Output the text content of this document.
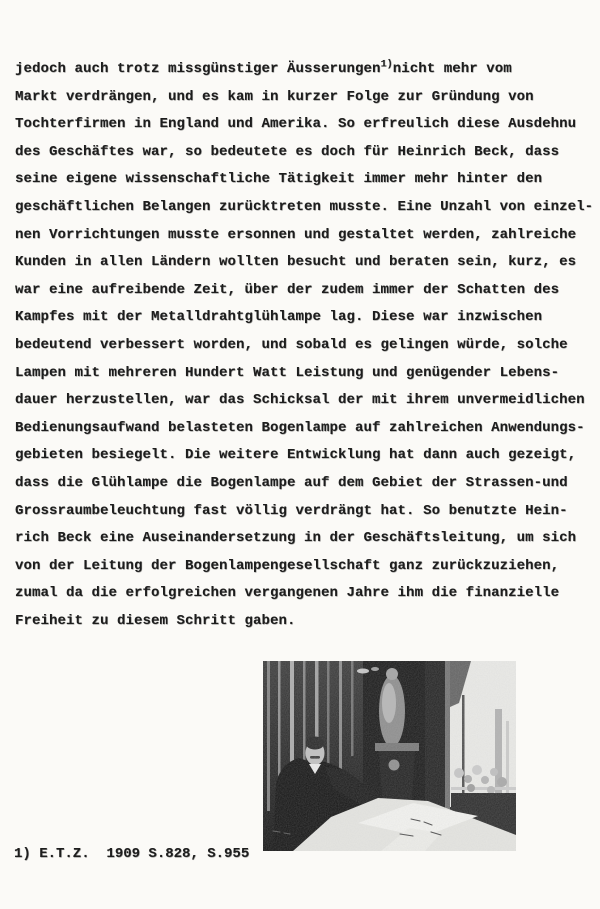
jedoch auch trotz missgünstiger Äusserungen$^{1)}$nicht mehr vom
Markt verdrängen, und es kam in kurzer Folge zur Gründung von
Tochterfirmen in England und Amerika. So erfreulich diese Ausdehnu
des Geschäftes war, so bedeutete es doch für Heinrich Beck, dass
seine eigene wissenschaftliche Tätigkeit immer mehr hinter den
geschäftlichen Belangen zurücktreten musste. Eine Unzahl von einzel-
nen Vorrichtungen musste ersonnen und gestaltet werden, zahlreiche
Kunden in allen Ländern wollten besucht und beraten sein, kurz, es
war eine aufreibende Zeit, über der zudem immer der Schatten des
Kampfes mit der Metalldrahtglühlampe lag. Diese war inzwischen
bedeutend verbessert worden, und sobald es gelingen würde, solche
Lampen mit mehreren Hundert Watt Leistung und genügender Lebens-
dauer herzustellen, war das Schicksal der mit ihrem unvermeidlichen
Bedienungsaufwand belasteten Bogenlampe auf zahlreichen Anwendungs-
gebieten besiegelt. Die weitere Entwicklung hat dann auch gezeigt,
dass die Glühlampe die Bogenlampe auf dem Gebiet der Strassen-und
Grossraumbeleuchtung fast völlig verdrängt hat. So benutzte Hein-
rich Beck eine Auseinandersetzung in der Geschäftsleitung, um sich
von der Leitung der Bogenlampengesellschaft ganz zurückzuziehen,
zumal da die erfolgreichen vergangenen Jahre ihm die finanzielle
Freiheit zu diesem Schritt gaben.
1) E.T.Z.  1909 S.828, S.955
